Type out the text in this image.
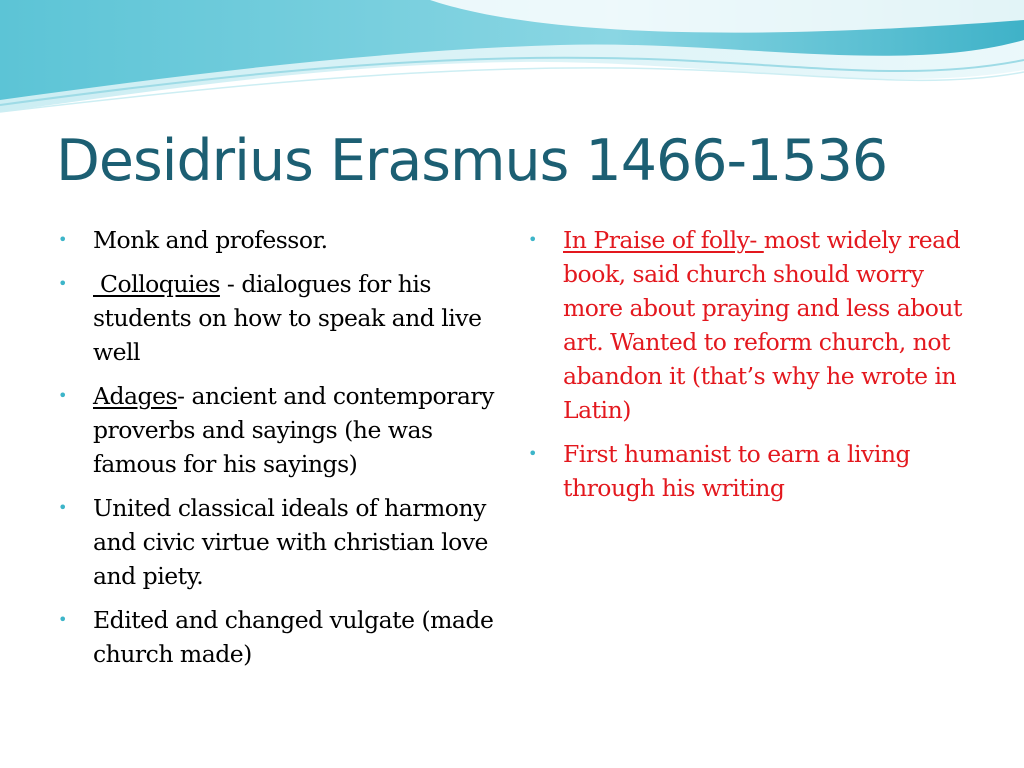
Desidrius Erasmus 1466-1536
• Monk and professor.
• Colloquies - dialogues for his students on how to speak and live well
• Adages- ancient and contemporary proverbs and sayings (he was famous for his sayings)
• United classical ideals of harmony and civic virtue with christian love and piety.
• Edited and changed vulgate (made church made)
• In Praise of folly- most widely read book, said church should worry more about praying and less about art. Wanted to reform church, not abandon it (that’s why he wrote in Latin)
• First humanist to earn a living through his writing
